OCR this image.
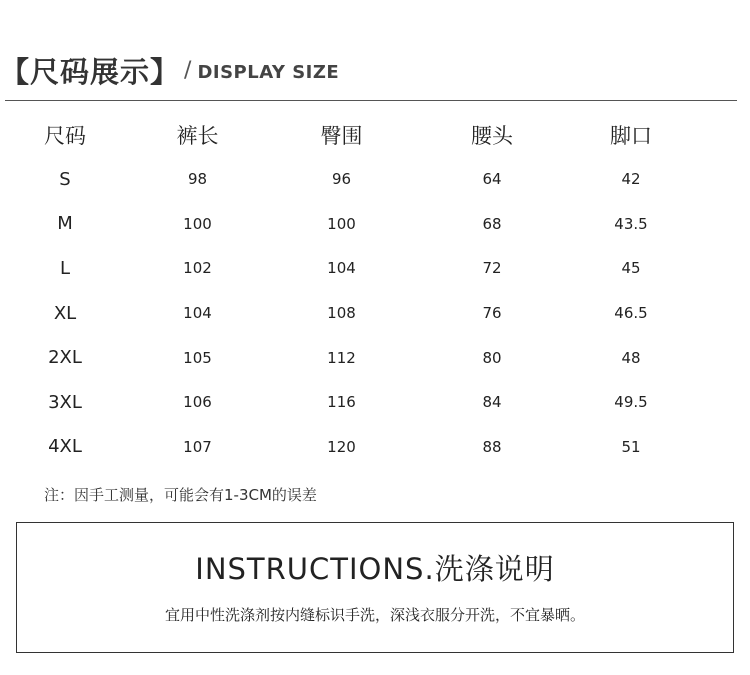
【尺码展示】 / DISPLAY SIZE
尺码	裤长	臀围	腰头	脚口	
S	98	96	64	42	
M	100	100	68	43.5	
L	102	104	72	45	
XL	104	108	76	46.5	
2XL	105	112	80	48	
3XL	106	116	84	49.5	
4XL	107	120	88	51	
注：因手工测量，可能会有1-3CM的误差
INSTRUCTIONS.洗涤说明
宜用中性洗涤剂按内缝标识手洗，深浅衣服分开洗，不宜暴晒。
